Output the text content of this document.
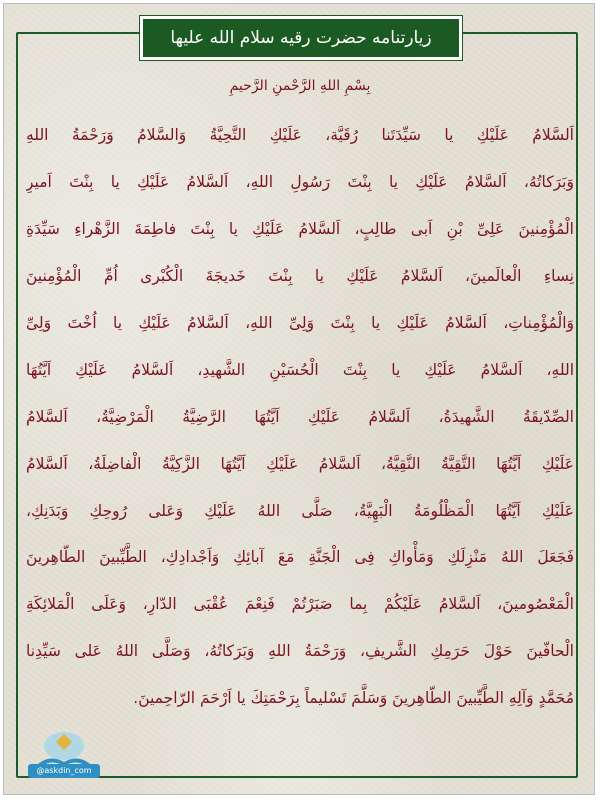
زیارتنامه حضرت رقیه سلام الله علیها
بِسْمِ اللهِ الرَّحْمنِ الرَّحیمِ
اَلسَّلامُ عَلَیْكِ یا سَیِّدَتَنا رُقَیَّة، عَلَیْكِ التَّحِیَّةُ وَالسَّلامُ وَرَحْمَةُ اللهِ
وَبَرَكاتُهُ، اَلسَّلامُ عَلَیْكِ یا بِنْتَ رَسُولِ اللهِ، اَلسَّلامُ عَلَیْكِ یا بِنْتَ اَمیرِ
الْمُؤْمِنینَ عَلِیِّ بْنِ اَبی طالِبٍ، اَلسَّلامُ عَلَیْكِ یا بِنْتَ فاطِمَةَ الزَّهْراءِ سَیِّدَةِ
نِساءِ الْعالَمینَ، اَلسَّلامُ عَلَیْكِ یا بِنْتَ خَدیجَةَ الْكُبْری اُمِّ الْمُؤْمِنینَ
وَالْمُؤْمِناتِ، اَلسَّلامُ عَلَیْكِ یا بِنْتَ وَلِیِّ اللهِ، اَلسَّلامُ عَلَیْكِ یا اُخْتَ وَلِیِّ
اللهِ، اَلسَّلامُ عَلَیْكِ یا بِنْتَ الْحُسَیْنِ الشَّهیدِ، اَلسَّلامُ عَلَیْكِ اَیَّتُهَا
الصِّدّیقَةُ الشَّهیدَةُ، اَلسَّلامُ عَلَیْكِ اَیَّتُهَا الرَّضِیَّةُ الْمَرْضِیَّةُ، اَلسَّلامُ
عَلَیْكِ اَیَّتُهَا التَّقِیَّةُ النَّقِیَّةُ، اَلسَّلامُ عَلَیْكِ اَیَّتُهَا الزَّكِیَّةُ الْفاضِلَةُ، اَلسَّلامُ
عَلَیْكِ اَیَّتُهَا الْمَظْلُومَةُ الْبَهِیَّةُ، صَلَّی اللهُ عَلَیْكِ وَعَلی رُوحِكِ وَبَدَنِكِ،
فَجَعَلَ اللهُ مَنْزِلَكِ وَمَأْواكِ فِی الْجَنَّةِ مَعَ آبائِكِ وَاَجْدادِكِ، الطَّیِّبینَ الطّاهِرینَ
الْمَعْصُومینَ، اَلسَّلامُ عَلَیْكُمْ بِما صَبَرْتُمْ فَنِعْمَ عُقْبَی الدّارِ، وَعَلَی الْمَلائِكَةِ
الْحافّینَ حَوْلَ حَرَمِكِ الشَّریفِ، وَرَحْمَةُ اللهِ وَبَرَكاتُهُ، وَصَلَّی اللهُ عَلی سَیِّدِنا
مُحَمَّدٍ وَآلِهِ الطَّیِّبینَ الطّاهِرینَ وَسَلَّمَ تَسْلیماً بِرَحْمَتِكَ یا اَرْحَمَ الرّاحِمینَ.
@askdin_com
